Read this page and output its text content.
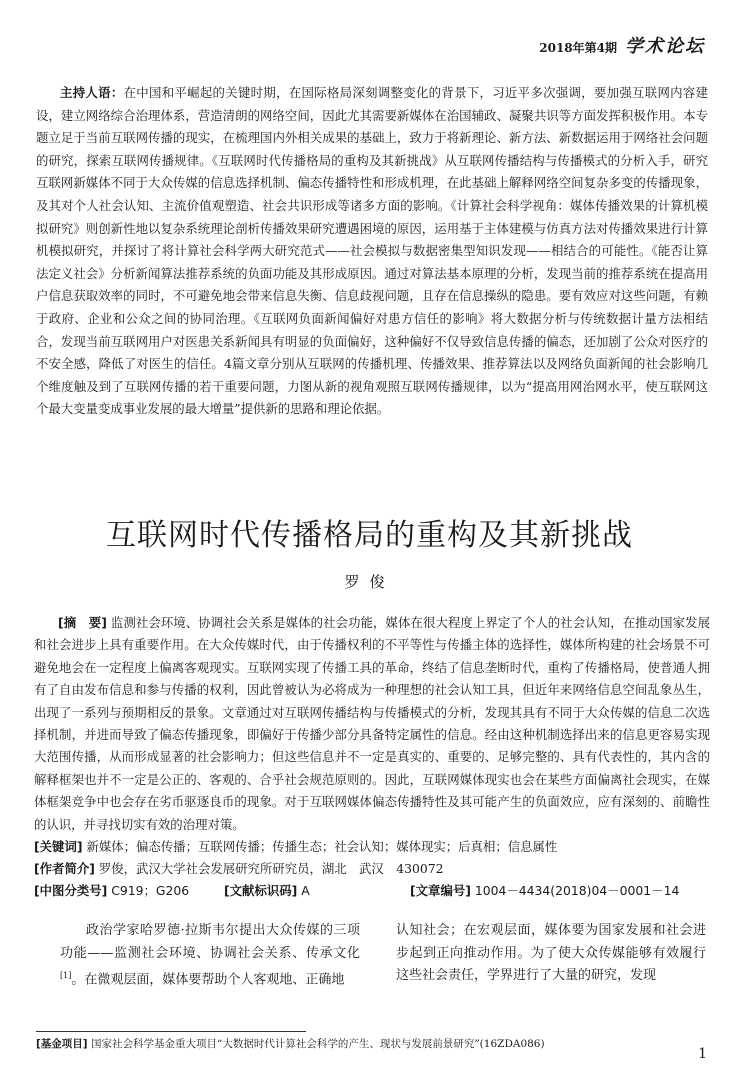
2018年第4期 学术论坛
主持人语：在中国和平崛起的关键时期，在国际格局深刻调整变化的背景下，习近平多次强调，要加强互联网内容建设，建立网络综合治理体系，营造清朗的网络空间，因此尤其需要新媒体在治国辅政、凝聚共识等方面发挥积极作用。本专题立足于当前互联网传播的现实，在梳理国内外相关成果的基础上，致力于将新理论、新方法、新数据运用于网络社会问题的研究，探索互联网传播规律。《互联网时代传播格局的重构及其新挑战》从互联网传播结构与传播模式的分析入手，研究互联网新媒体不同于大众传媒的信息选择机制、偏态传播特性和形成机理，在此基础上解释网络空间复杂多变的传播现象，及其对个人社会认知、主流价值观塑造、社会共识形成等诸多方面的影响。《计算社会科学视角：媒体传播效果的计算机模拟研究》则创新性地以复杂系统理论剖析传播效果研究遭遇困境的原因，运用基于主体建模与仿真方法对传播效果进行计算机模拟研究，并探讨了将计算社会科学两大研究范式——社会模拟与数据密集型知识发现——相结合的可能性。《能否让算法定义社会》分析新闻算法推荐系统的负面功能及其形成原因。通过对算法基本原理的分析，发现当前的推荐系统在提高用户信息获取效率的同时，不可避免地会带来信息失衡、信息歧视问题，且存在信息操纵的隐患。要有效应对这些问题，有赖于政府、企业和公众之间的协同治理。《互联网负面新闻偏好对患方信任的影响》将大数据分析与传统数据计量方法相结合，发现当前互联网用户对医患关系新闻具有明显的负面偏好，这种偏好不仅导致信息传播的偏态，还加剧了公众对医疗的不安全感，降低了对医生的信任。4篇文章分别从互联网的传播机理、传播效果、推荐算法以及网络负面新闻的社会影响几个维度触及到了互联网传播的若干重要问题，力图从新的视角观照互联网传播规律，以为“提高用网治网水平，使互联网这个最大变量变成事业发展的最大增量”提供新的思路和理论依据。
互联网时代传播格局的重构及其新挑战
罗俊
[摘　要] 监测社会环境、协调社会关系是媒体的社会功能，媒体在很大程度上界定了个人的社会认知，在推动国家发展和社会进步上具有重要作用。在大众传媒时代，由于传播权利的不平等性与传播主体的选择性，媒体所构建的社会场景不可避免地会在一定程度上偏离客观现实。互联网实现了传播工具的革命，终结了信息垄断时代，重构了传播格局，使普通人拥有了自由发布信息和参与传播的权利，因此曾被认为必将成为一种理想的社会认知工具，但近年来网络信息空间乱象丛生，出现了一系列与预期相反的景象。文章通过对互联网传播结构与传播模式的分析，发现其具有不同于大众传媒的信息二次选择机制，并进而导致了偏态传播现象，即偏好于传播少部分具备特定属性的信息。经由这种机制选择出来的信息更容易实现大范围传播，从而形成显著的社会影响力；但这些信息并不一定是真实的、重要的、足够完整的、具有代表性的，其内含的解释框架也并不一定是公正的、客观的、合乎社会规范原则的。因此，互联网媒体现实也会在某些方面偏离社会现实，在媒体框架竞争中也会存在劣币驱逐良币的现象。对于互联网媒体偏态传播特性及其可能产生的负面效应，应有深刻的、前瞻性的认识，并寻找切实有效的治理对策。
[关键词] 新媒体；偏态传播；互联网传播；传播生态；社会认知；媒体现实；后真相；信息属性
[作者简介] 罗俊，武汉大学社会发展研究所研究员，湖北　武汉　430072
[中图分类号] C919；G206	[文献标识码] A	[文章编号] 1004－4434(2018)04－0001－14
政治学家哈罗德·拉斯韦尔提出大众传媒的三项功能——监测社会环境、协调社会关系、传承文化[1]。在微观层面，媒体要帮助个人客观地、正确地
认知社会；在宏观层面，媒体要为国家发展和社会进步起到正向推动作用。为了使大众传媒能够有效履行这些社会责任，学界进行了大量的研究，发现
[基金项目] 国家社会科学基金重大项目“大数据时代计算社会科学的产生、现状与发展前景研究”(16ZDA086)
1
